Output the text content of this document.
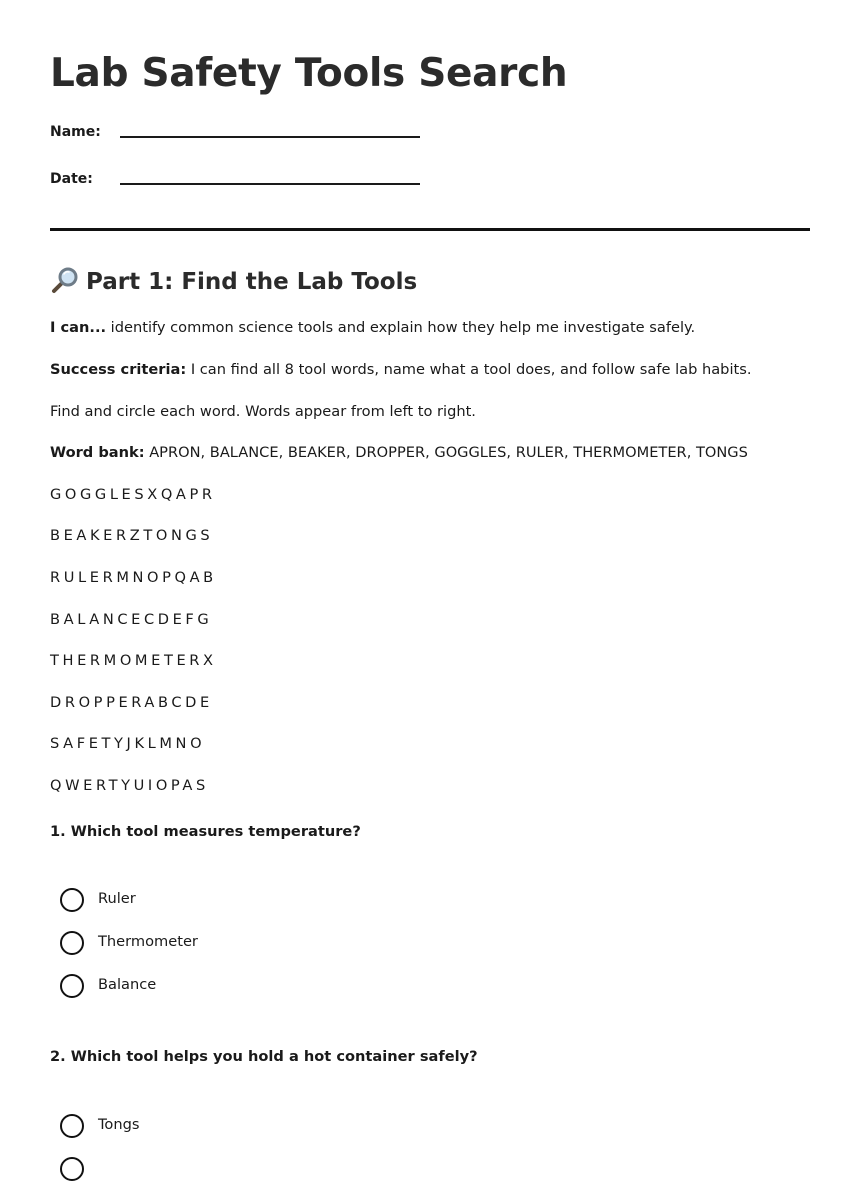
Lab Safety Tools Search
Name:
Date:
Part 1: Find the Lab Tools
I can... identify common science tools and explain how they help me investigate safely.
Success criteria: I can find all 8 tool words, name what a tool does, and follow safe lab habits.
Find and circle each word. Words appear from left to right.
Word bank: APRON, BALANCE, BEAKER, DROPPER, GOGGLES, RULER, THERMOMETER, TONGS
GOGGLESXQAPR
BEAKERZTONGS
RULERMNOPQAB
BALANCECDEFG
THERMOMETERX
DROPPERABCDE
SAFETYJKLMNO
QWERTYUIOPAS
1. Which tool measures temperature?
Ruler
Thermometer
Balance
2. Which tool helps you hold a hot container safely?
Tongs
